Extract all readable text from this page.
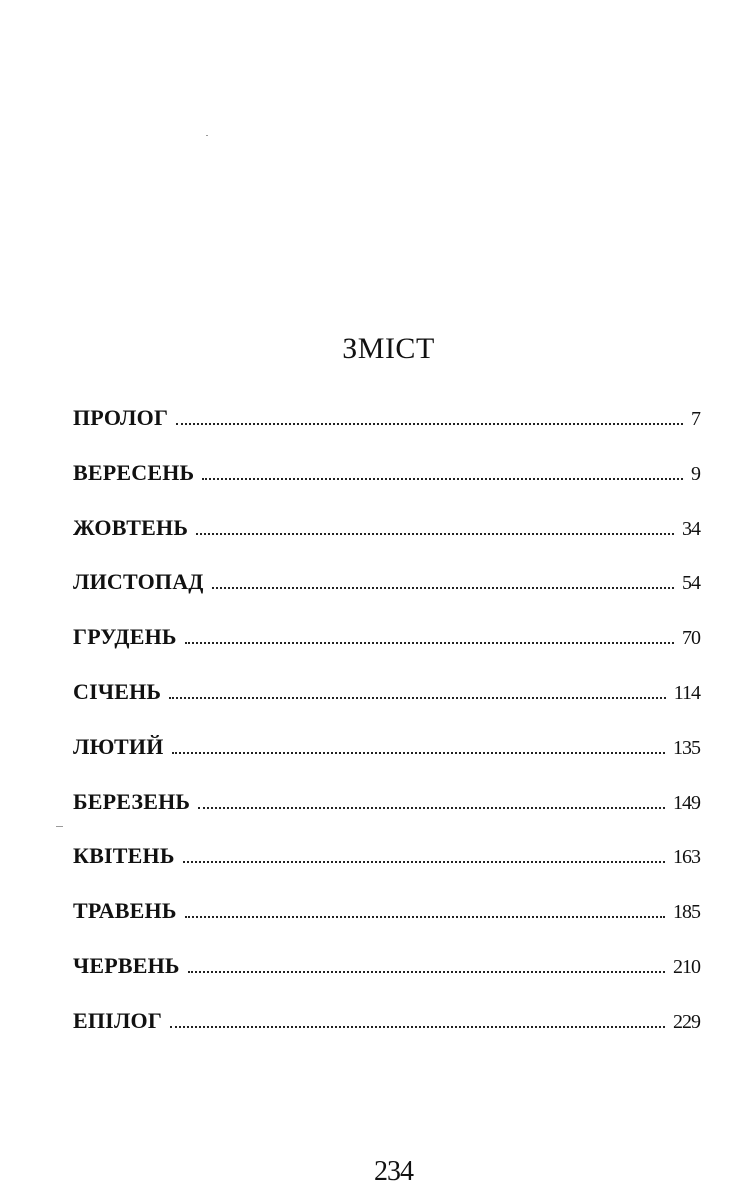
ЗМІСТ
ПРОЛОГ	7
ВЕРЕСЕНЬ	9
ЖОВТЕНЬ	34
ЛИСТОПАД	54
ГРУДЕНЬ	70
СІЧЕНЬ	114
ЛЮТИЙ	135
БЕРЕЗЕНЬ	149
КВІТЕНЬ	163
ТРАВЕНЬ	185
ЧЕРВЕНЬ	210
ЕПІЛОГ	229
234
